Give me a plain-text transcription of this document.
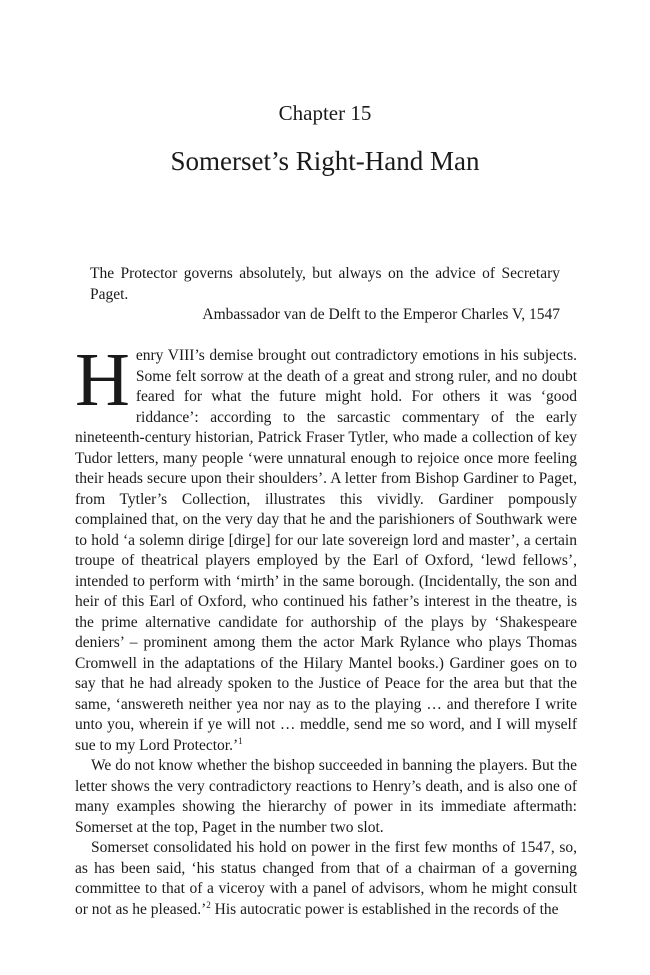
Chapter 15
Somerset’s Right-Hand Man

The Protector governs absolutely, but always on the advice of Secretary Paget.

Ambassador van de Delft to the Emperor Charles V, 1547

Henry VIII’s demise brought out contradictory emotions in his subjects. Some felt sorrow at the death of a great and strong ruler, and no doubt feared for what the future might hold. For others it was ‘good riddance’: according to the sarcastic commentary of the early nineteenth-century historian, Patrick Fraser Tytler, who made a collection of key Tudor letters, many people ‘were unnatural enough to rejoice once more feeling their heads secure upon their shoulders’. A letter from Bishop Gardiner to Paget, from Tytler’s Collection, illustrates this vividly. Gardiner pompously complained that, on the very day that he and the parishioners of Southwark were to hold ‘a solemn dirige [dirge] for our late sovereign lord and master’, a certain troupe of theatrical players employed by the Earl of Oxford, ‘lewd fellows’, intended to perform with ‘mirth’ in the same borough. (Incidentally, the son and heir of this Earl of Oxford, who continued his father’s interest in the theatre, is the prime alternative candidate for authorship of the plays by ‘Shakespeare deniers’ – prominent among them the actor Mark Rylance who plays Thomas Cromwell in the adaptations of the Hilary Mantel books.) Gardiner goes on to say that he had already spoken to the Justice of Peace for the area but that the same, ‘answereth neither yea nor nay as to the playing … and therefore I write unto you, wherein if ye will not … meddle, send me so word, and I will myself sue to my Lord Protector.’$^1$

We do not know whether the bishop succeeded in banning the players. But the letter shows the very contradictory reactions to Henry’s death, and is also one of many examples showing the hierarchy of power in its immediate aftermath: Somerset at the top, Paget in the number two slot.

Somerset consolidated his hold on power in the first few months of 1547, so, as has been said, ‘his status changed from that of a chairman of a governing committee to that of a viceroy with a panel of advisors, whom he might consult or not as he pleased.’$^2$ His autocratic power is established in the records of the
